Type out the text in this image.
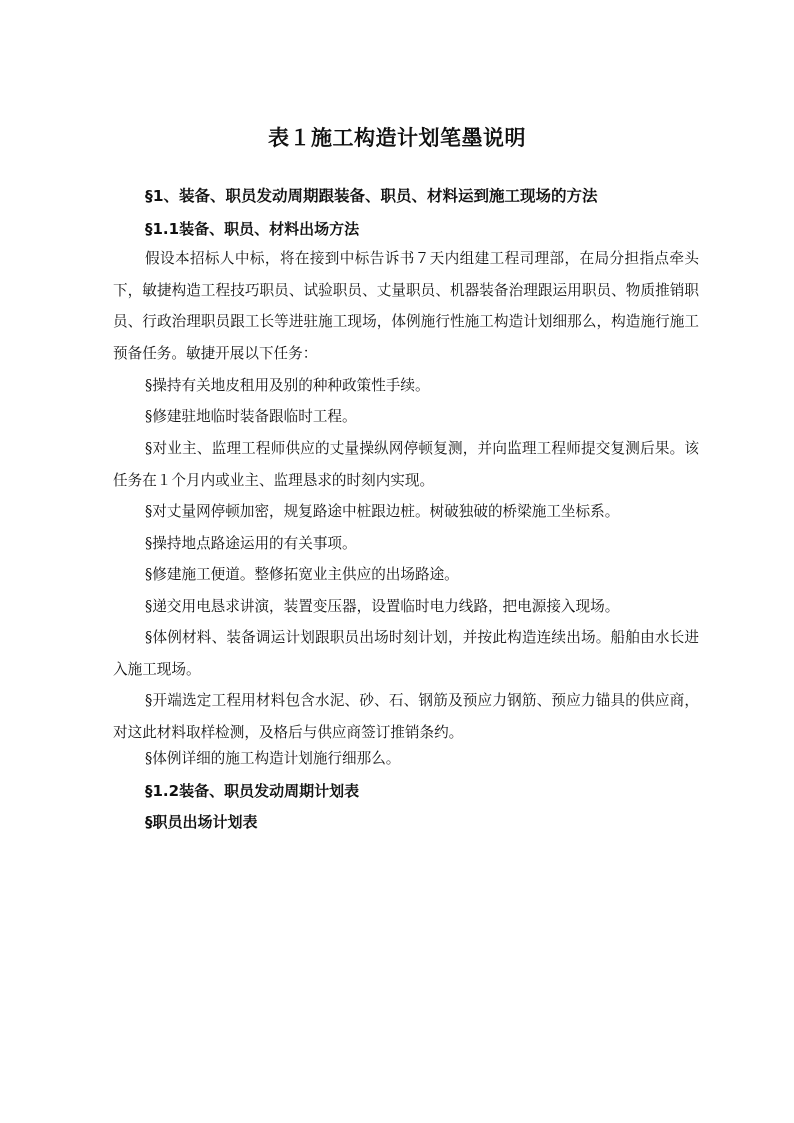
表１施工构造计划笔墨说明
§1、装备、职员发动周期跟装备、职员、材料运到施工现场的方法
§1.1装备、职员、材料出场方法

假设本招标人中标，将在接到中标告诉书７天内组建工程司理部，在局分担指点牵头下，敏捷构造工程技巧职员、试验职员、丈量职员、机器装备治理跟运用职员、物质推销职员、行政治理职员跟工长等进驻施工现场，体例施行性施工构造计划细那么，构造施行施工预备任务。敏捷开展以下任务：

§操持有关地皮租用及别的种种政策性手续。

§修建驻地临时装备跟临时工程。

§对业主、监理工程师供应的丈量操纵网停顿复测，并向监理工程师提交复测后果。该任务在１个月内或业主、监理恳求的时刻内实现。

§对丈量网停顿加密，规复路途中桩跟边桩。树破独破的桥梁施工坐标系。

§操持地点路途运用的有关事项。

§修建施工便道。整修拓宽业主供应的出场路途。

§递交用电恳求讲演，装置变压器，设置临时电力线路，把电源接入现场。

§体例材料、装备调运计划跟职员出场时刻计划，并按此构造连续出场。船舶由水长进入施工现场。

§开端选定工程用材料包含水泥、砂、石、钢筋及预应力钢筋、预应力锚具的供应商，对这此材料取样检测，及格后与供应商签订推销条约。

§体例详细的施工构造计划施行细那么。

§1.2装备、职员发动周期计划表
§职员出场计划表
